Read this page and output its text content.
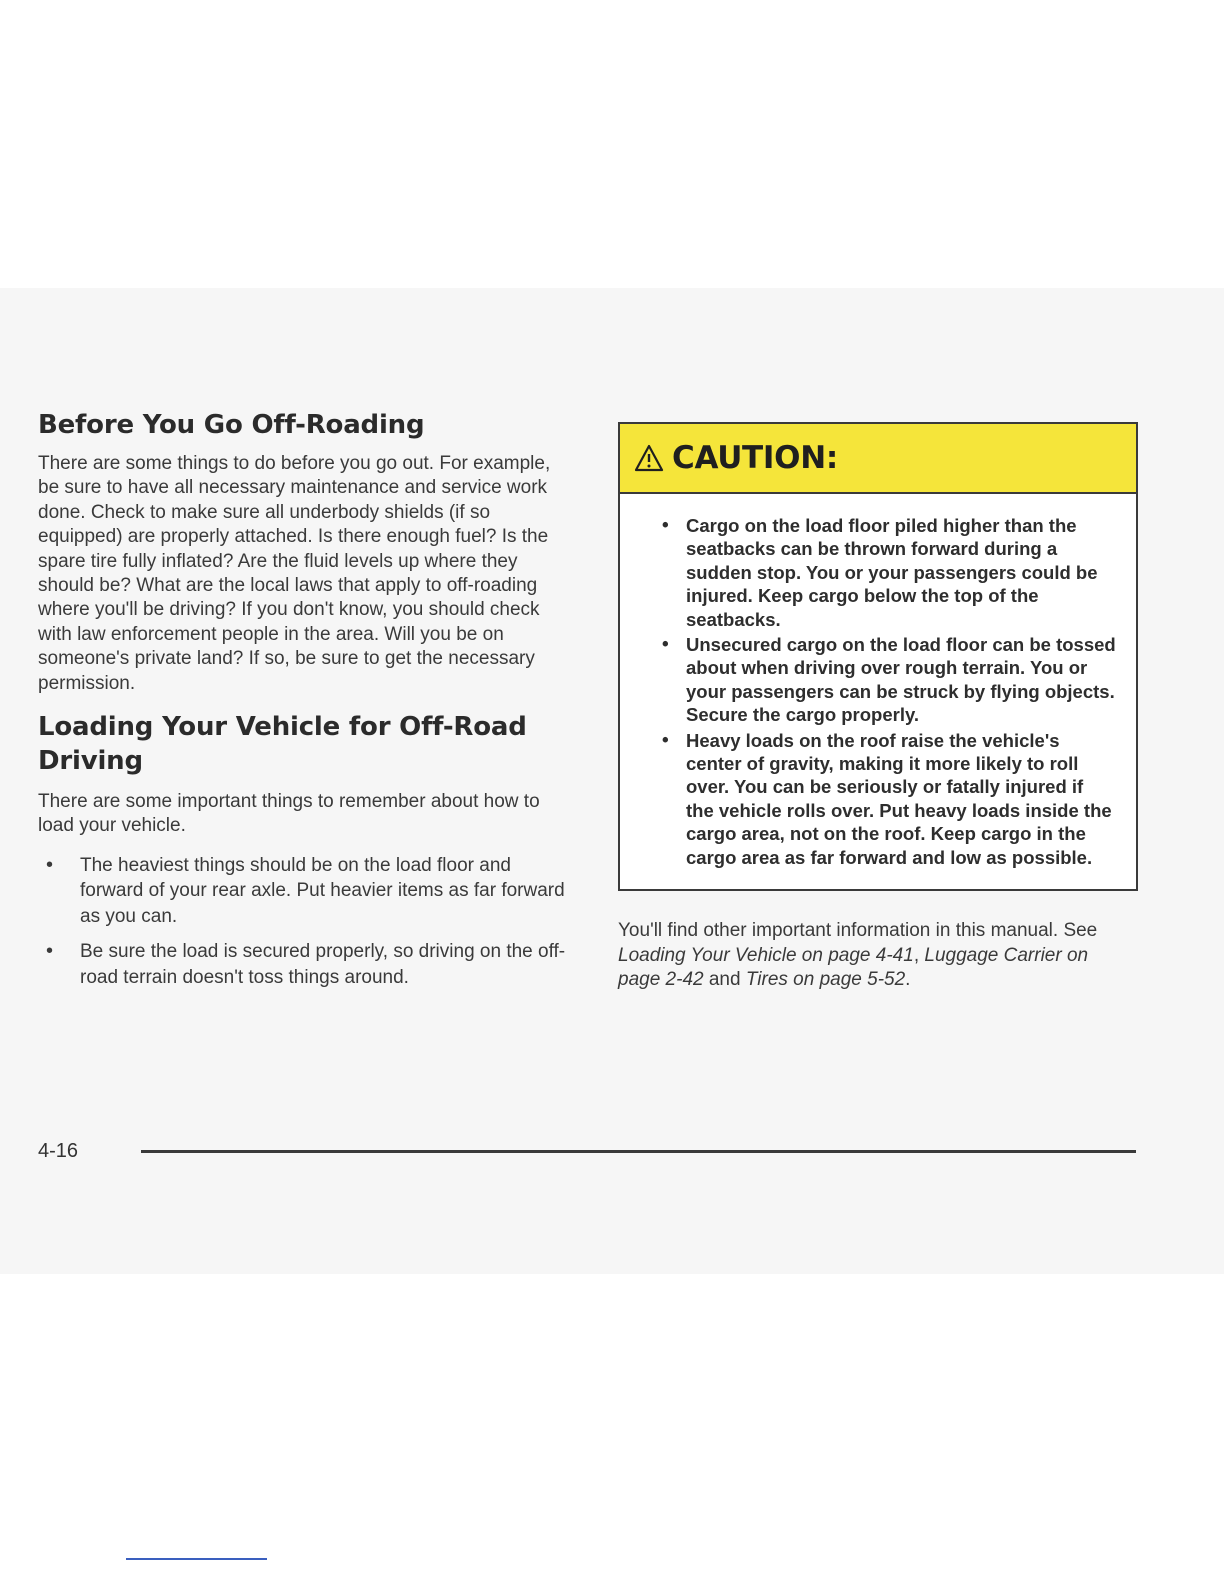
Before You Go Off-Roading

There are some things to do before you go out. For example, be sure to have all necessary maintenance and service work done. Check to make sure all underbody shields (if so equipped) are properly attached. Is there enough fuel? Is the spare tire fully inflated? Are the fluid levels up where they should be? What are the local laws that apply to off-roading where you'll be driving? If you don't know, you should check with law enforcement people in the area. Will you be on someone's private land? If so, be sure to get the necessary permission.

Loading Your Vehicle for Off-Road Driving

There are some important things to remember about how to load your vehicle.

• The heaviest things should be on the load floor and forward of your rear axle. Put heavier items as far forward as you can.
• Be sure the load is secured properly, so driving on the off-road terrain doesn't toss things around.
CAUTION:
• Cargo on the load floor piled higher than the seatbacks can be thrown forward during a sudden stop. You or your passengers could be injured. Keep cargo below the top of the seatbacks.
• Unsecured cargo on the load floor can be tossed about when driving over rough terrain. You or your passengers can be struck by flying objects. Secure the cargo properly.
• Heavy loads on the roof raise the vehicle's center of gravity, making it more likely to roll over. You can be seriously or fatally injured if the vehicle rolls over. Put heavy loads inside the cargo area, not on the roof. Keep cargo in the cargo area as far forward and low as possible.

You'll find other important information in this manual. See Loading Your Vehicle on page 4-41, Luggage Carrier on page 2-42 and Tires on page 5-52.

4-16
